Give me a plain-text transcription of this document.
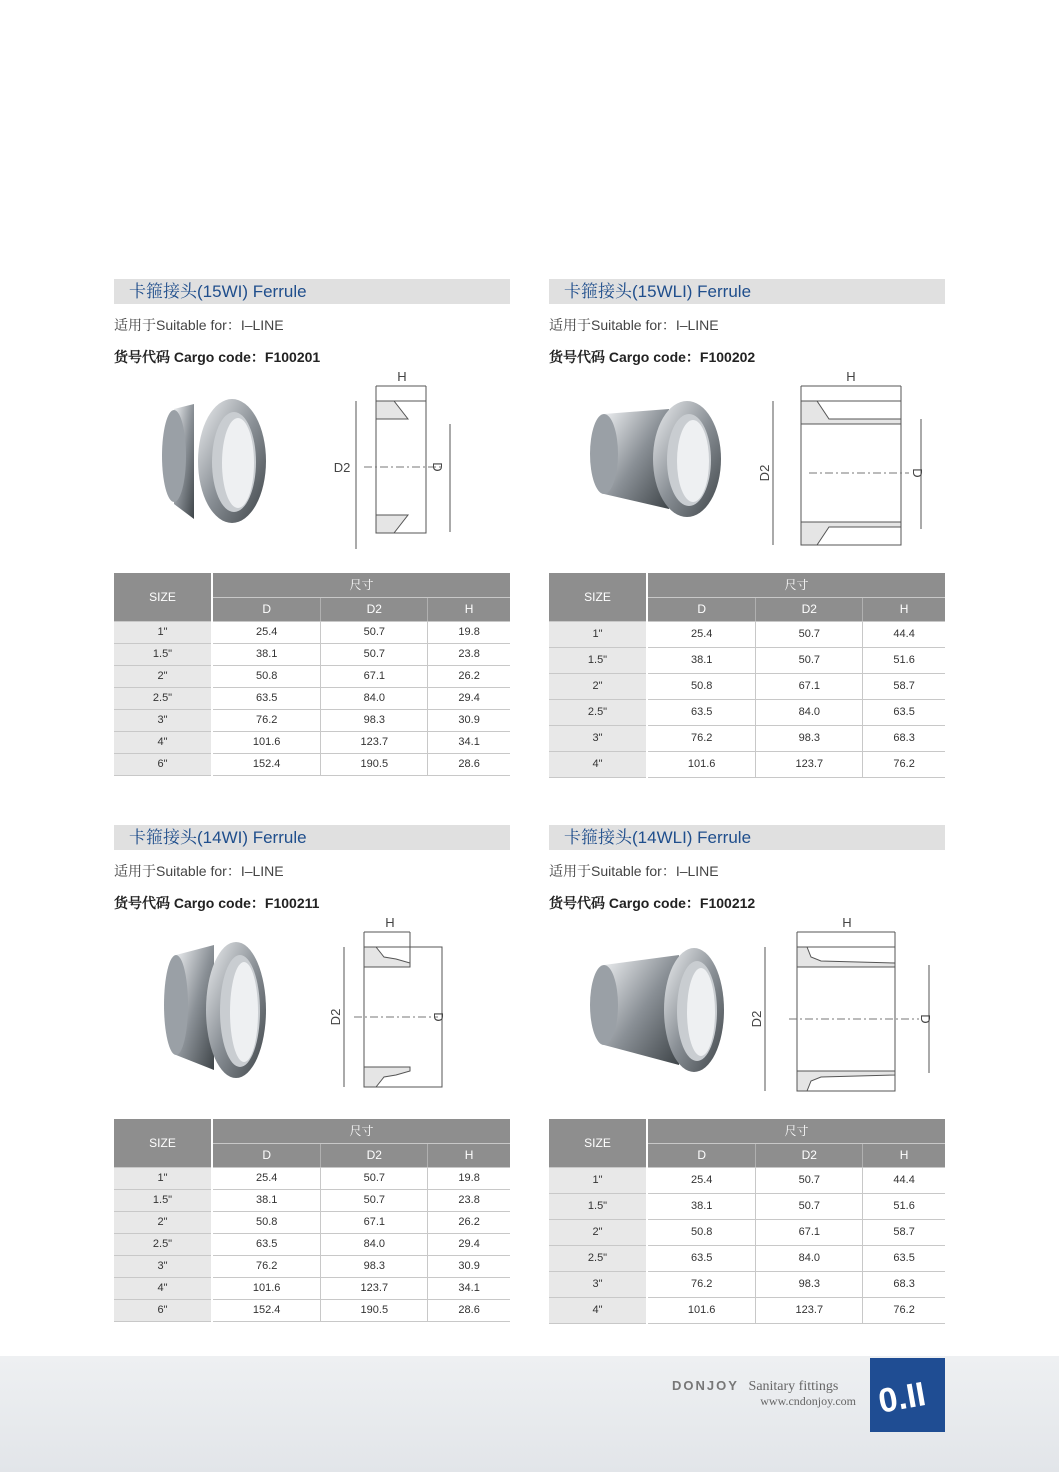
卡箍接头(15WI) Ferrule
适用于Suitable for：I–LINE
货号代码 Cargo code：F100201
H
D2	D
SIZE	尺寸		
	D	D2	H
1"	25.4	50.7	19.8
1.5"	38.1	50.7	23.8
2"	50.8	67.1	26.2
2.5"	63.5	84.0	29.4
3"	76.2	98.3	30.9
4"	101.6	123.7	34.1
6"	152.4	190.5	28.6
卡箍接头(15WLI) Ferrule
适用于Suitable for：I–LINE
货号代码 Cargo code：F100202
H
D2	D
SIZE	尺寸		
	D	D2	H
1"	25.4	50.7	44.4
1.5"	38.1	50.7	51.6
2"	50.8	67.1	58.7
2.5"	63.5	84.0	63.5
3"	76.2	98.3	68.3
4"	101.6	123.7	76.2
卡箍接头(14WI) Ferrule
适用于Suitable for：I–LINE
货号代码 Cargo code：F100211
H
D2	D
SIZE	尺寸		
	D	D2	H
1"	25.4	50.7	19.8
1.5"	38.1	50.7	23.8
2"	50.8	67.1	26.2
2.5"	63.5	84.0	29.4
3"	76.2	98.3	30.9
4"	101.6	123.7	34.1
6"	152.4	190.5	28.6
卡箍接头(14WLI) Ferrule
适用于Suitable for：I–LINE
货号代码 Cargo code：F100212
H
D2	D
SIZE	尺寸		
	D	D2	H
1"	25.4	50.7	44.4
1.5"	38.1	50.7	51.6
2"	50.8	67.1	58.7
2.5"	63.5	84.0	63.5
3"	76.2	98.3	68.3
4"	101.6	123.7	76.2
DONJOY Sanitary fittings
www.cndonjoy.com 0.II
